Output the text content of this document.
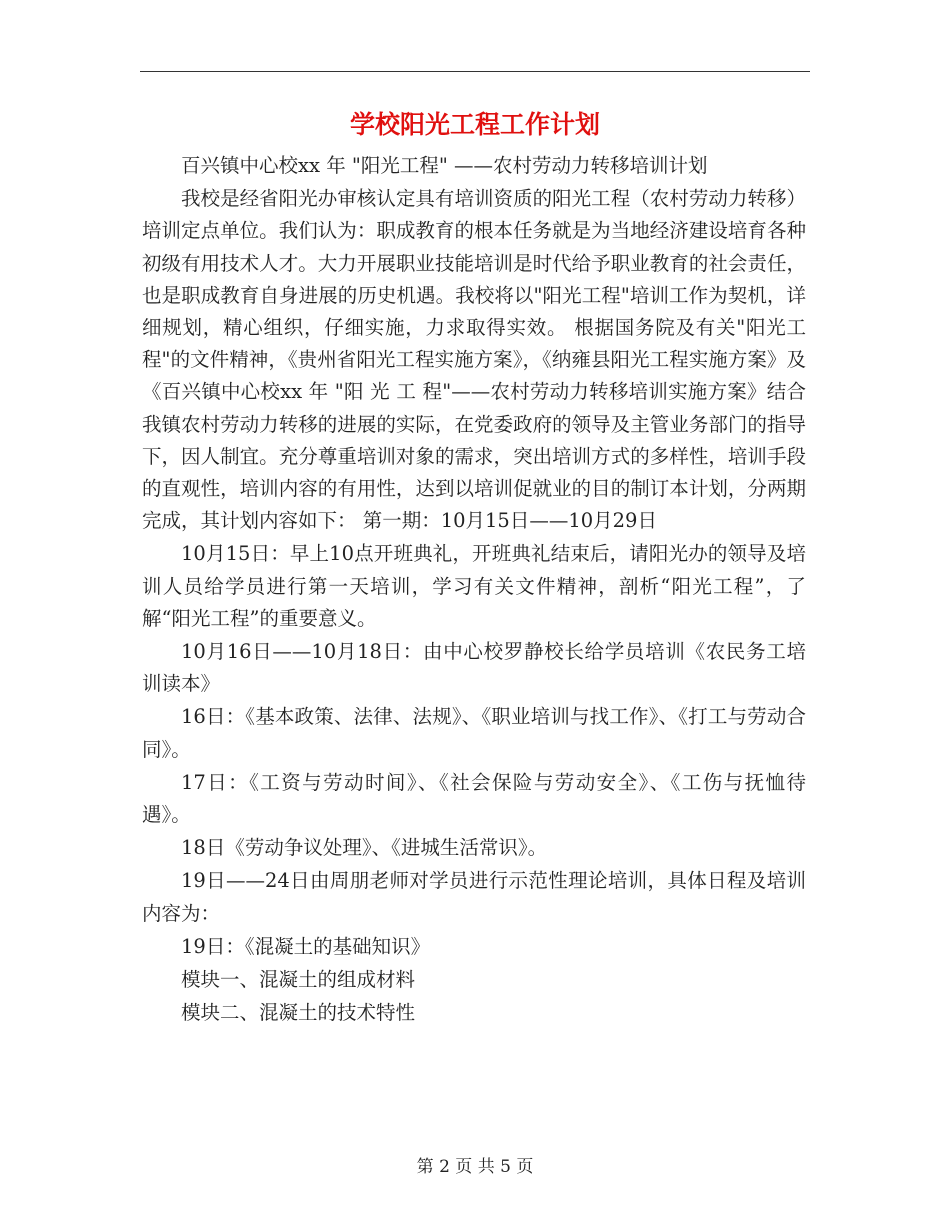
学校阳光工程工作计划

百兴镇中心校xx 年 "阳光工程" ——农村劳动力转移培训计划

我校是经省阳光办审核认定具有培训资质的阳光工程（农村劳动力转移）培训定点单位。我们认为：职成教育的根本任务就是为当地经济建设培育各种初级有用技术人才。大力开展职业技能培训是时代给予职业教育的社会责任，也是职成教育自身进展的历史机遇。我校将以"阳光工程"培训工作为契机，详细规划，精心组织，仔细实施，力求取得实效。 根据国务院及有关"阳光工程"的文件精神，《贵州省阳光工程实施方案》，《纳雍县阳光工程实施方案》及《百兴镇中心校xx 年 "阳 光 工 程"——农村劳动力转移培训实施方案》结合我镇农村劳动力转移的进展的实际，在党委政府的领导及主管业务部门的指导下，因人制宜。充分尊重培训对象的需求，突出培训方式的多样性，培训手段的直观性，培训内容的有用性，达到以培训促就业的目的制订本计划，分两期完成，其计划内容如下： 第一期：10月15日——10月29日

10月15日：早上10点开班典礼，开班典礼结束后，请阳光办的领导及培训人员给学员进行第一天培训，学习有关文件精神，剖析“阳光工程”，了解“阳光工程”的重要意义。

10月16日——10月18日：由中心校罗静校长给学员培训《农民务工培训读本》

16日：《基本政策、法律、法规》、《职业培训与找工作》、《打工与劳动合同》。

17日：《工资与劳动时间》、《社会保险与劳动安全》、《工伤与抚恤待遇》。

18日《劳动争议处理》、《进城生活常识》。

19日——24日由周朋老师对学员进行示范性理论培训，具体日程及培训内容为：

19日：《混凝土的基础知识》

模块一、混凝土的组成材料

模块二、混凝土的技术特性

第 2 页 共 5 页
